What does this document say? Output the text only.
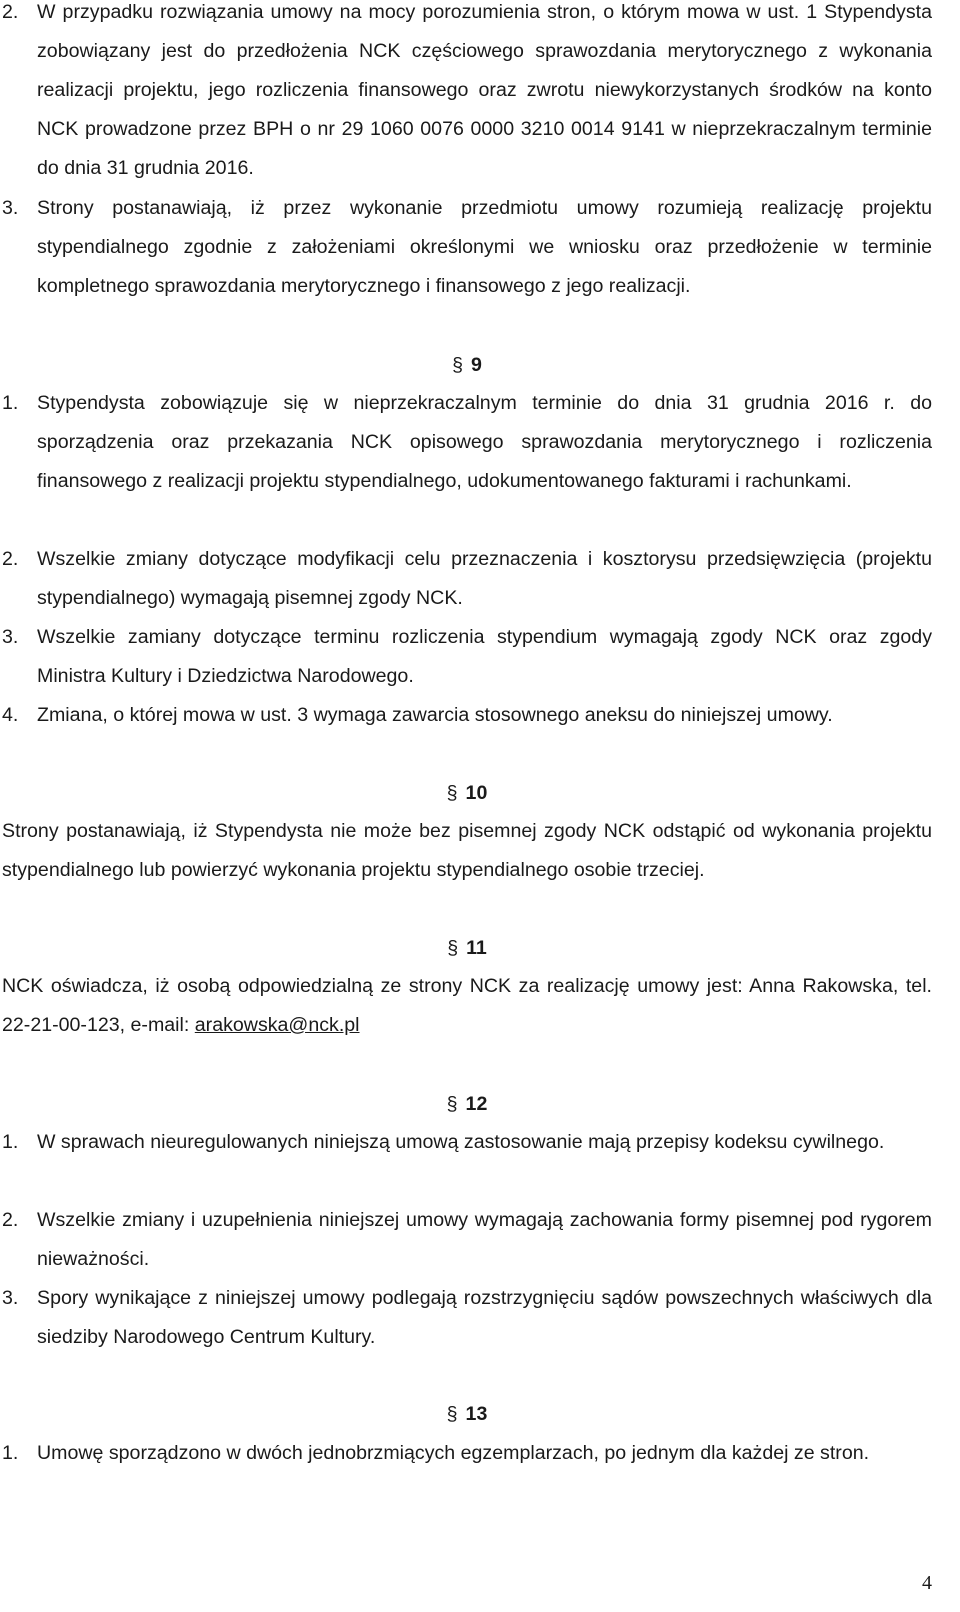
2. W przypadku rozwiązania umowy na mocy porozumienia stron, o którym mowa w ust. 1 Stypendysta zobowiązany jest do przedłożenia NCK częściowego sprawozdania merytorycznego z wykonania realizacji projektu, jego rozliczenia finansowego oraz zwrotu niewykorzystanych środków na konto NCK prowadzone przez BPH o nr 29 1060 0076 0000 3210 0014 9141 w nieprzekraczalnym terminie do dnia 31 grudnia 2016.
3. Strony postanawiają, iż przez wykonanie przedmiotu umowy rozumieją realizację projektu stypendialnego zgodnie z założeniami określonymi we wniosku oraz przedłożenie w terminie kompletnego sprawozdania merytorycznego i finansowego z jego realizacji.
§ 9
1. Stypendysta zobowiązuje się w nieprzekraczalnym terminie do dnia 31 grudnia 2016 r. do sporządzenia oraz przekazania NCK opisowego sprawozdania merytorycznego i rozliczenia finansowego z realizacji projektu stypendialnego, udokumentowanego fakturami i rachunkami.
2. Wszelkie zmiany dotyczące modyfikacji celu przeznaczenia i kosztorysu przedsięwzięcia (projektu stypendialnego) wymagają pisemnej zgody NCK.
3. Wszelkie zamiany dotyczące terminu rozliczenia stypendium wymagają zgody NCK oraz zgody Ministra Kultury i Dziedzictwa Narodowego.
4. Zmiana, o której mowa w ust. 3 wymaga zawarcia stosownego aneksu do niniejszej umowy.
§ 10

Strony postanawiają, iż Stypendysta nie może bez pisemnej zgody NCK odstąpić od wykonania projektu stypendialnego lub powierzyć wykonania projektu stypendialnego osobie trzeciej.

§ 11

NCK oświadcza, iż osobą odpowiedzialną ze strony NCK za realizację umowy jest: Anna Rakowska, tel. 22-21-00-123, e-mail: arakowska@nck.pl

§ 12
1. W sprawach nieuregulowanych niniejszą umową zastosowanie mają przepisy kodeksu cywilnego.
2. Wszelkie zmiany i uzupełnienia niniejszej umowy wymagają zachowania formy pisemnej pod rygorem nieważności.
3. Spory wynikające z niniejszej umowy podlegają rozstrzygnięciu sądów powszechnych właściwych dla siedziby Narodowego Centrum Kultury.
§ 13
1. Umowę sporządzono w dwóch jednobrzmiących egzemplarzach, po jednym dla każdej ze stron.
4
